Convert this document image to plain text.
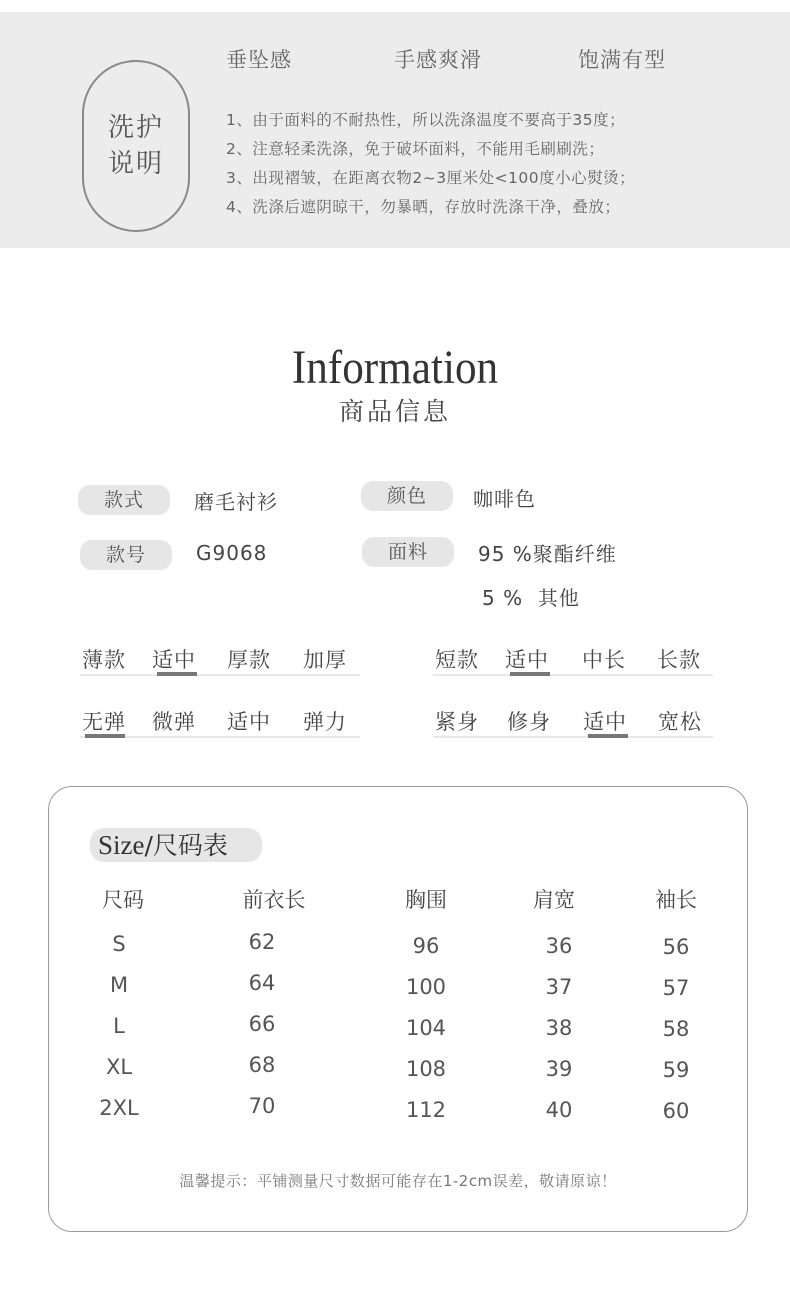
洗护
说明
垂坠感	手感爽滑	饱满有型
1、由于面料的不耐热性，所以洗涤温度不要高于35度；
2、注意轻柔洗涤，免于破坏面料，不能用毛刷刷洗；
3、出现褶皱，在距离衣物2~3厘米处<100度小心熨烫；
4、洗涤后遮阴晾干，勿暴晒，存放时洗涤干净，叠放；
Information
商品信息
款式	磨毛衬衫	颜色	咖啡色
款号	G9068	面料	95 %聚酯纤维
5 %  其他
薄款 适中 厚款 加厚	短款 适中 中长 长款
无弹 微弹 适中 弹力	紧身 修身 适中 宽松
Size/尺码表
尺码	前衣长	胸围	肩宽	袖长
S	62	96	36	56
M	64	100	37	57
L	66	104	38	58
XL	68	108	39	59
2XL	70	112	40	60
温馨提示：平铺测量尺寸数据可能存在1-2cm误差，敬请原谅！
